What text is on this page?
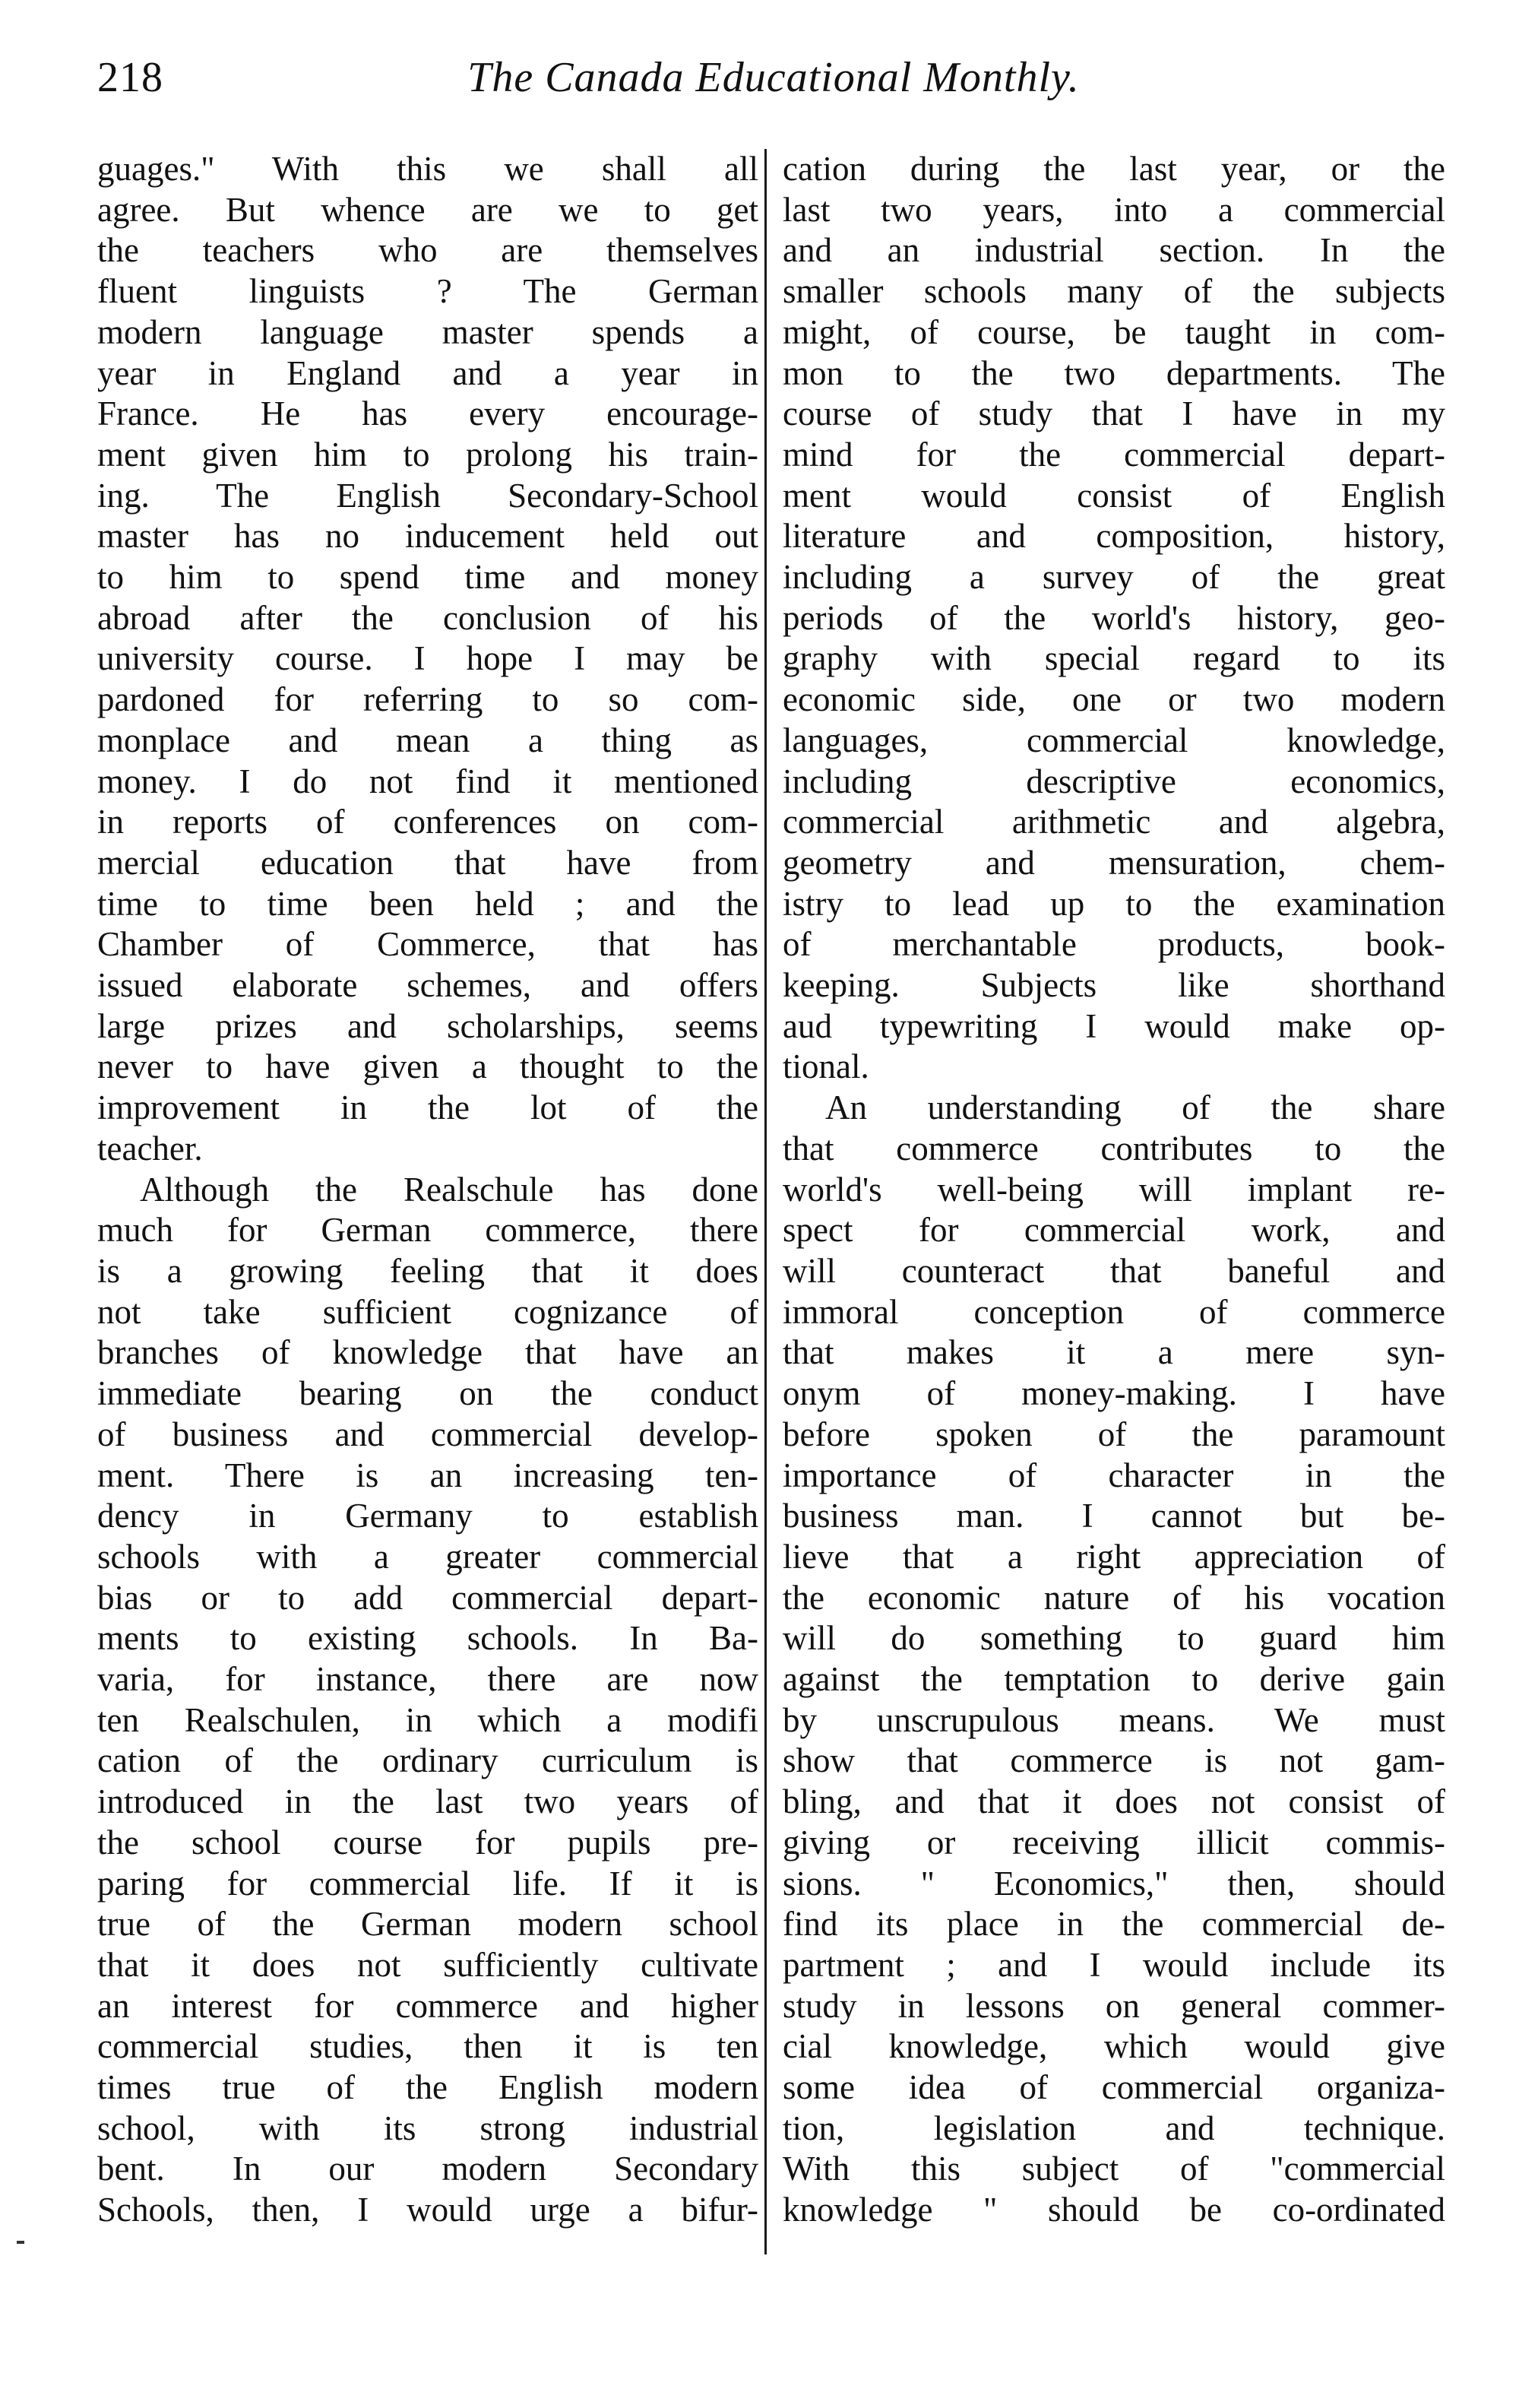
218	The Canada Educational Monthly.
guages." With this we shall all
agree. But whence are we to get
the teachers who are themselves
fluent linguists ? The German
modern language master spends a
year in England and a year in
France. He has every encourage-
ment given him to prolong his train-
ing. The English Secondary-School
master has no inducement held out
to him to spend time and money
abroad after the conclusion of his
university course. I hope I may be
pardoned for referring to so com-
monplace and mean a thing as
money. I do not find it mentioned
in reports of conferences on com-
mercial education that have from
time to time been held ; and the
Chamber of Commerce, that has
issued elaborate schemes, and offers
large prizes and scholarships, seems
never to have given a thought to the
improvement in the lot of the
teacher.
Although the Realschule has done
much for German commerce, there
is a growing feeling that it does
not take sufficient cognizance of
branches of knowledge that have an
immediate bearing on the conduct
of business and commercial develop-
ment. There is an increasing ten-
dency in Germany to establish
schools with a greater commercial
bias or to add commercial depart-
ments to existing schools. In Ba-
varia, for instance, there are now
ten Realschulen, in which a modifi
cation of the ordinary curriculum is
introduced in the last two years of
the school course for pupils pre-
paring for commercial life. If it is
true of the German modern school
that it does not sufficiently cultivate
an interest for commerce and higher
commercial studies, then it is ten
times true of the English modern
school, with its strong industrial
bent. In our modern Secondary
Schools, then, I would urge a bifur-
cation during the last year, or the
last two years, into a commercial
and an industrial section. In the
smaller schools many of the subjects
might, of course, be taught in com-
mon to the two departments. The
course of study that I have in my
mind for the commercial depart-
ment would consist of English
literature and composition, history,
including a survey of the great
periods of the world's history, geo-
graphy with special regard to its
economic side, one or two modern
languages, commercial knowledge,
including descriptive economics,
commercial arithmetic and algebra,
geometry and mensuration, chem-
istry to lead up to the examination
of merchantable products, book-
keeping. Subjects like shorthand
aud typewriting I would make op-
tional.
An understanding of the share
that commerce contributes to the
world's well-being will implant re-
spect for commercial work, and
will counteract that baneful and
immoral conception of commerce
that makes it a mere syn-
onym of money-making. I have
before spoken of the paramount
importance of character in the
business man. I cannot but be-
lieve that a right appreciation of
the economic nature of his vocation
will do something to guard him
against the temptation to derive gain
by unscrupulous means. We must
show that commerce is not gam-
bling, and that it does not consist of
giving or receiving illicit commis-
sions. " Economics," then, should
find its place in the commercial de-
partment ; and I would include its
study in lessons on general commer-
cial knowledge, which would give
some idea of commercial organiza-
tion, legislation and technique.
With this subject of "commercial
knowledge " should be co-ordinated
